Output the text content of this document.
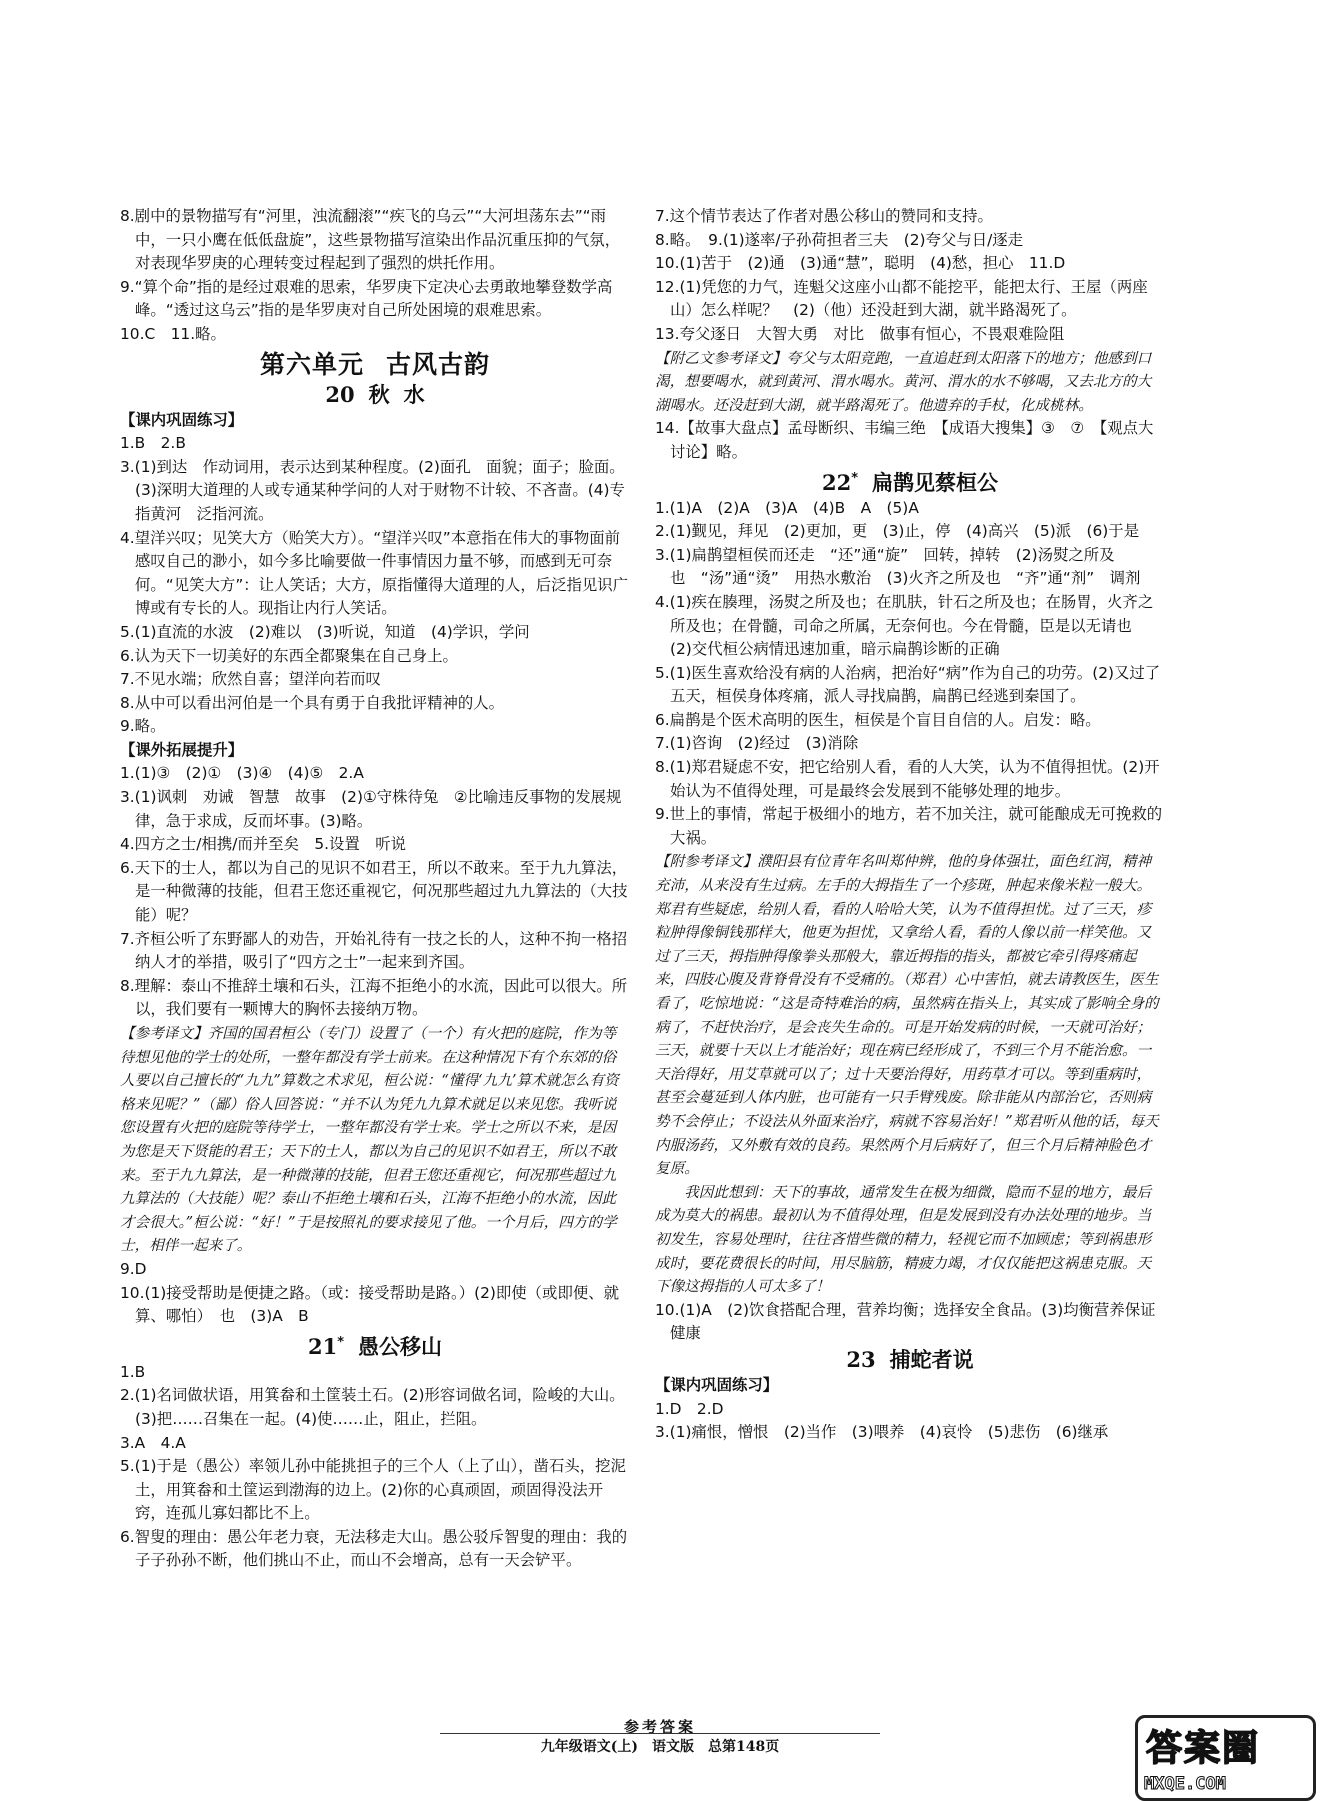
8.剧中的景物描写有“河里，浊流翻滚”“疾飞的乌云”“大河坦荡东去”“雨中，一只小鹰在低低盘旋”，这些景物描写渲染出作品沉重压抑的气氛，对表现华罗庚的心理转变过程起到了强烈的烘托作用。

9.“算个命”指的是经过艰难的思索，华罗庚下定决心去勇敢地攀登数学高峰。“透过这乌云”指的是华罗庚对自己所处困境的艰难思索。

10.C　11.略。

第六单元 古风古韵

20 秋 水

【课内巩固练习】

1.B　2.B

3.(1)到达　作动词用，表示达到某种程度。(2)面孔　面貌；面子；脸面。(3)深明大道理的人或专通某种学问的人对于财物不计较、不吝啬。(4)专指黄河　泛指河流。

4.望洋兴叹；见笑大方（贻笑大方）。“望洋兴叹”本意指在伟大的事物面前感叹自己的渺小，如今多比喻要做一件事情因力量不够，而感到无可奈何。“见笑大方”：让人笑话；大方，原指懂得大道理的人，后泛指见识广博或有专长的人。现指让内行人笑话。

5.(1)直流的水波　(2)难以　(3)听说，知道　(4)学识，学问

6.认为天下一切美好的东西全都聚集在自己身上。

7.不见水端；欣然自喜；望洋向若而叹

8.从中可以看出河伯是一个具有勇于自我批评精神的人。

9.略。

【课外拓展提升】

1.(1)③　(2)①　(3)④　(4)⑤　2.A

3.(1)讽刺　劝诫　智慧　故事　(2)①守株待兔　②比喻违反事物的发展规律，急于求成，反而坏事。(3)略。

4.四方之士/相携/而并至矣　5.设置　听说

6.天下的士人，都以为自己的见识不如君王，所以不敢来。至于九九算法，是一种微薄的技能，但君王您还重视它，何况那些超过九九算法的（大技能）呢？

7.齐桓公听了东野鄙人的劝告，开始礼待有一技之长的人，这种不拘一格招纳人才的举措，吸引了“四方之士”一起来到齐国。

8.理解：泰山不推辞土壤和石头，江海不拒绝小的水流，因此可以很大。所以，我们要有一颗博大的胸怀去接纳万物。

【参考译文】齐国的国君桓公（专门）设置了（一个）有火把的庭院，作为等待想见他的学士的处所，一整年都没有学士前来。在这种情况下有个东郊的俗人要以自己擅长的“九九”算数之术求见，桓公说：“懂得‘九九’算术就怎么有资格来见呢？”（鄙）俗人回答说：“并不认为凭九九算术就足以来见您。我听说您设置有火把的庭院等待学士，一整年都没有学士来。学士之所以不来，是因为您是天下贤能的君王；天下的士人，都以为自己的见识不如君王，所以不敢来。至于九九算法，是一种微薄的技能，但君王您还重视它，何况那些超过九九算法的（大技能）呢？泰山不拒绝土壤和石头，江海不拒绝小的水流，因此才会很大。”桓公说：“好！”于是按照礼的要求接见了他。一个月后，四方的学士，相伴一起来了。

9.D

10.(1)接受帮助是便捷之路。（或：接受帮助是路。）(2)即使（或即便、就算、哪怕）　也　(3)A　B

21* 愚公移山

1.B

2.(1)名词做状语，用箕畚和土筐装土石。(2)形容词做名词，险峻的大山。(3)把……召集在一起。(4)使……止，阻止，拦阻。

3.A　4.A

5.(1)于是（愚公）率领儿孙中能挑担子的三个人（上了山），凿石头，挖泥土，用箕畚和土筐运到渤海的边上。(2)你的心真顽固，顽固得没法开窍，连孤儿寡妇都比不上。

6.智叟的理由：愚公年老力衰，无法移走大山。愚公驳斥智叟的理由：我的子子孙孙不断，他们挑山不止，而山不会增高，总有一天会铲平。

7.这个情节表达了作者对愚公移山的赞同和支持。

8.略。　9.(1)遂率/子孙荷担者三夫　(2)夸父与日/逐走

10.(1)苦于　(2)通　(3)通“慧”，聪明　(4)愁，担心　11.D

12.(1)凭您的力气，连魁父这座小山都不能挖平，能把太行、王屋（两座山）怎么样呢？　(2)（他）还没赶到大湖，就半路渴死了。

13.夸父逐日　大智大勇　对比　做事有恒心，不畏艰难险阻

【附乙文参考译文】夸父与太阳竞跑，一直追赶到太阳落下的地方；他感到口渴，想要喝水，就到黄河、渭水喝水。黄河、渭水的水不够喝，又去北方的大湖喝水。还没赶到大湖，就半路渴死了。他遗弃的手杖，化成桃林。

14.【故事大盘点】孟母断织、韦编三绝　【成语大搜集】③　⑦　【观点大讨论】略。

22* 扁鹊见蔡桓公

1.(1)A　(2)A　(3)A　(4)B　A　(5)A

2.(1)觐见，拜见　(2)更加，更　(3)止，停　(4)高兴　(5)派　(6)于是

3.(1)扁鹊望桓侯而还走　“还”通“旋”　回转，掉转　(2)汤熨之所及也　“汤”通“烫”　用热水敷治　(3)火齐之所及也　“齐”通“剂”　调剂

4.(1)疾在腠理，汤熨之所及也；在肌肤，针石之所及也；在肠胃，火齐之所及也；在骨髓，司命之所属，无奈何也。今在骨髓，臣是以无请也　(2)交代桓公病情迅速加重，暗示扁鹊诊断的正确

5.(1)医生喜欢给没有病的人治病，把治好“病”作为自己的功劳。(2)又过了五天，桓侯身体疼痛，派人寻找扁鹊，扁鹊已经逃到秦国了。

6.扁鹊是个医术高明的医生，桓侯是个盲目自信的人。启发：略。

7.(1)咨询　(2)经过　(3)消除

8.(1)郑君疑虑不安，把它给别人看，看的人大笑，认为不值得担忧。(2)开始认为不值得处理，可是最终会发展到不能够处理的地步。

9.世上的事情，常起于极细小的地方，若不加关注，就可能酿成无可挽救的大祸。

【附参考译文】濮阳县有位青年名叫郑仲辨，他的身体强壮，面色红润，精神充沛，从来没有生过病。左手的大拇指生了一个疹斑，肿起来像米粒一般大。郑君有些疑虑，给别人看，看的人哈哈大笑，认为不值得担忧。过了三天，疹粒肿得像铜钱那样大，他更为担忧，又拿给人看，看的人像以前一样笑他。又过了三天，拇指肿得像拳头那般大，靠近拇指的指头，都被它牵引得疼痛起来，四肢心腹及背脊骨没有不受痛的。（郑君）心中害怕，就去请教医生，医生看了，吃惊地说：“这是奇特难治的病，虽然病在指头上，其实成了影响全身的病了，不赶快治疗，是会丧失生命的。可是开始发病的时候，一天就可治好；三天，就要十天以上才能治好；现在病已经形成了，不到三个月不能治愈。一天治得好，用艾草就可以了；过十天要治得好，用药草才可以。等到重病时，甚至会蔓延到人体内脏，也可能有一只手臂残废。除非能从内部治它，否则病势不会停止；不设法从外面来治疗，病就不容易治好！”郑君听从他的话，每天内服汤药，又外敷有效的良药。果然两个月后病好了，但三个月后精神脸色才复原。

我因此想到：天下的事故，通常发生在极为细微，隐而不显的地方，最后成为莫大的祸患。最初认为不值得处理，但是发展到没有办法处理的地步。当初发生，容易处理时，往往吝惜些微的精力，轻视它而不加顾虑；等到祸患形成时，要花费很长的时间，用尽脑筋，精疲力竭，才仅仅能把这祸患克服。天下像这拇指的人可太多了！

10.(1)A　(2)饮食搭配合理，营养均衡；选择安全食品。(3)均衡营养保证健康

23 捕蛇者说

【课内巩固练习】

1.D　2.D

3.(1)痛恨，憎恨　(2)当作　(3)喂养　(4)哀怜　(5)悲伤　(6)继承

参考答案
九年级语文(上)　语文版　总第148页	答案圈
MXQE.COM
